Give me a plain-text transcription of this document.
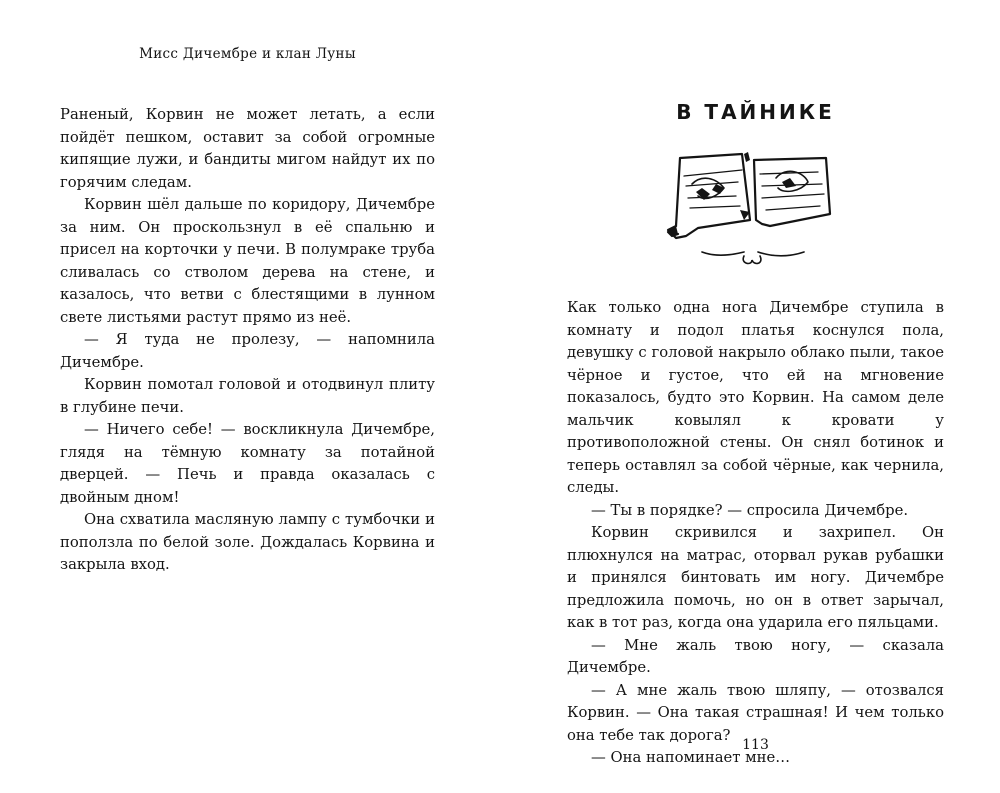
Мисс Дичембре и клан Луны

Раненый, Корвин не может летать, а если пойдёт пешком, оставит за собой огромные кипящие лужи, и бандиты мигом найдут их по горячим следам.

Корвин шёл дальше по коридору, Дичембре за ним. Он проскользнул в её спальню и присел на корточки у печи. В полумраке труба сливалась со стволом дерева на стене, и казалось, что ветви с блестящими в лунном свете листьями растут прямо из неё.

— Я туда не пролезу, — напомнила Дичембре.

Корвин помотал головой и отодвинул плиту в глубине печи.

— Ничего себе! — воскликнула Дичембре, глядя на тёмную комнату за потайной дверцей. — Печь и правда оказалась с двойным дном!

Она схватила масляную лампу с тумбочки и поползла по белой золе. Дождалась Корвина и закрыла вход.

В ТАЙНИКЕ

Как только одна нога Дичембре ступила в комнату и подол платья коснулся пола, девушку с головой накрыло облако пыли, такое чёрное и густое, что ей на мгновение показалось, будто это Корвин. На самом деле мальчик ковылял к кровати у противоположной стены. Он снял ботинок и теперь оставлял за собой чёрные, как чернила, следы.

— Ты в порядке? — спросила Дичембре.

Корвин скривился и захрипел. Он плюхнулся на матрас, оторвал рукав рубашки и принялся бинтовать им ногу. Дичембре предложила помочь, но он в ответ зарычал, как в тот раз, когда она ударила его пяльцами.

— Мне жаль твою ногу, — сказала Дичембре.

— А мне жаль твою шляпу, — отозвался Корвин. — Она такая страшная! И чем только она тебе так дорога?

— Она напоминает мне…

113
